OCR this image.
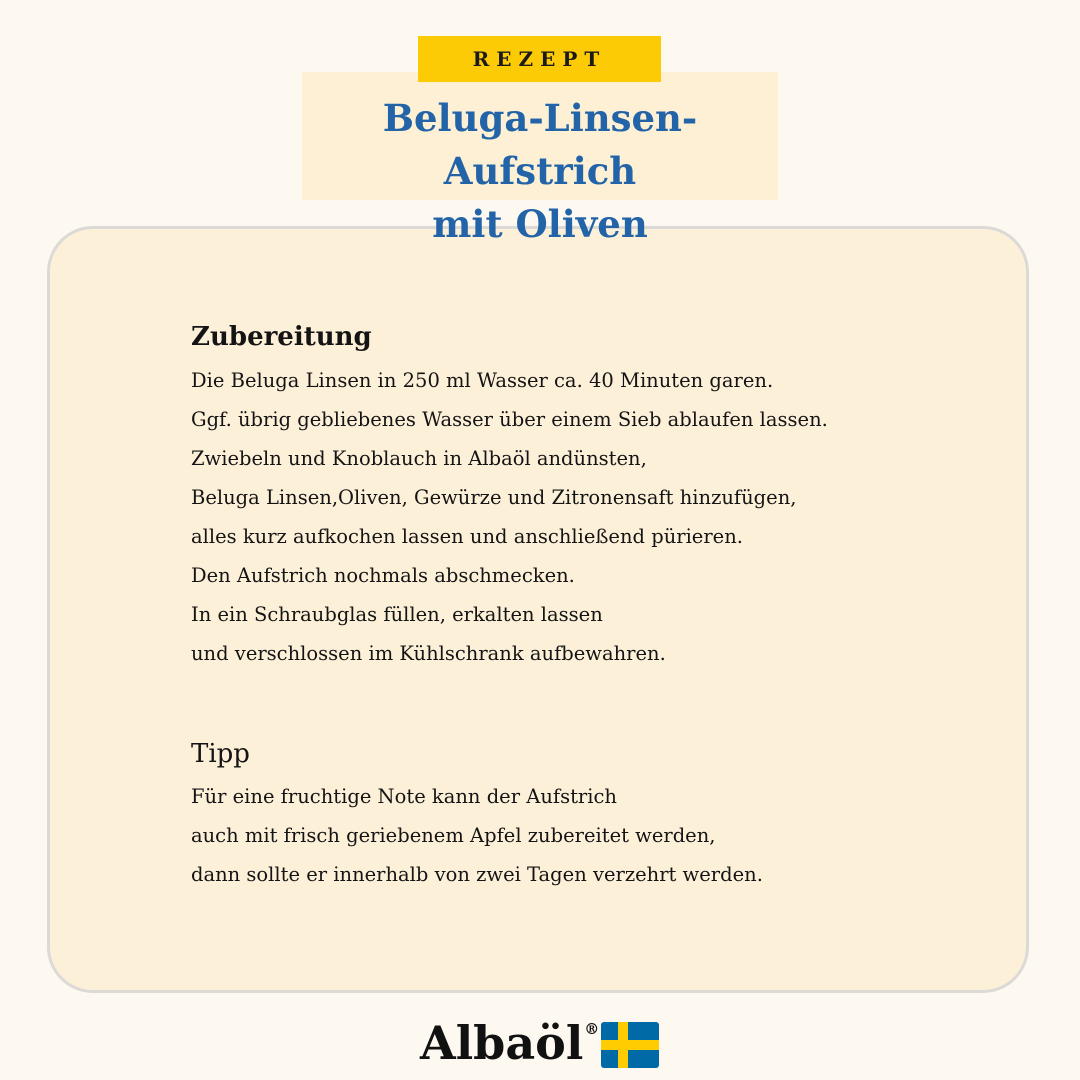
REZEPT
Beluga-Linsen-Aufstrich
mit Oliven
Zubereitung

Die Beluga Linsen in 250 ml Wasser ca. 40 Minuten garen.

Ggf. übrig gebliebenes Wasser über einem Sieb ablaufen lassen.

Zwiebeln und Knoblauch in Albaöl andünsten,

Beluga Linsen,Oliven, Gewürze und Zitronensaft hinzufügen,

alles kurz aufkochen lassen und anschließend pürieren.

Den Aufstrich nochmals abschmecken.

In ein Schraubglas füllen, erkalten lassen

und verschlossen im Kühlschrank aufbewahren.

Tipp

Für eine fruchtige Note kann der Aufstrich

auch mit frisch geriebenem Apfel zubereitet werden,

dann sollte er innerhalb von zwei Tagen verzehrt werden.

Albaöl ®
